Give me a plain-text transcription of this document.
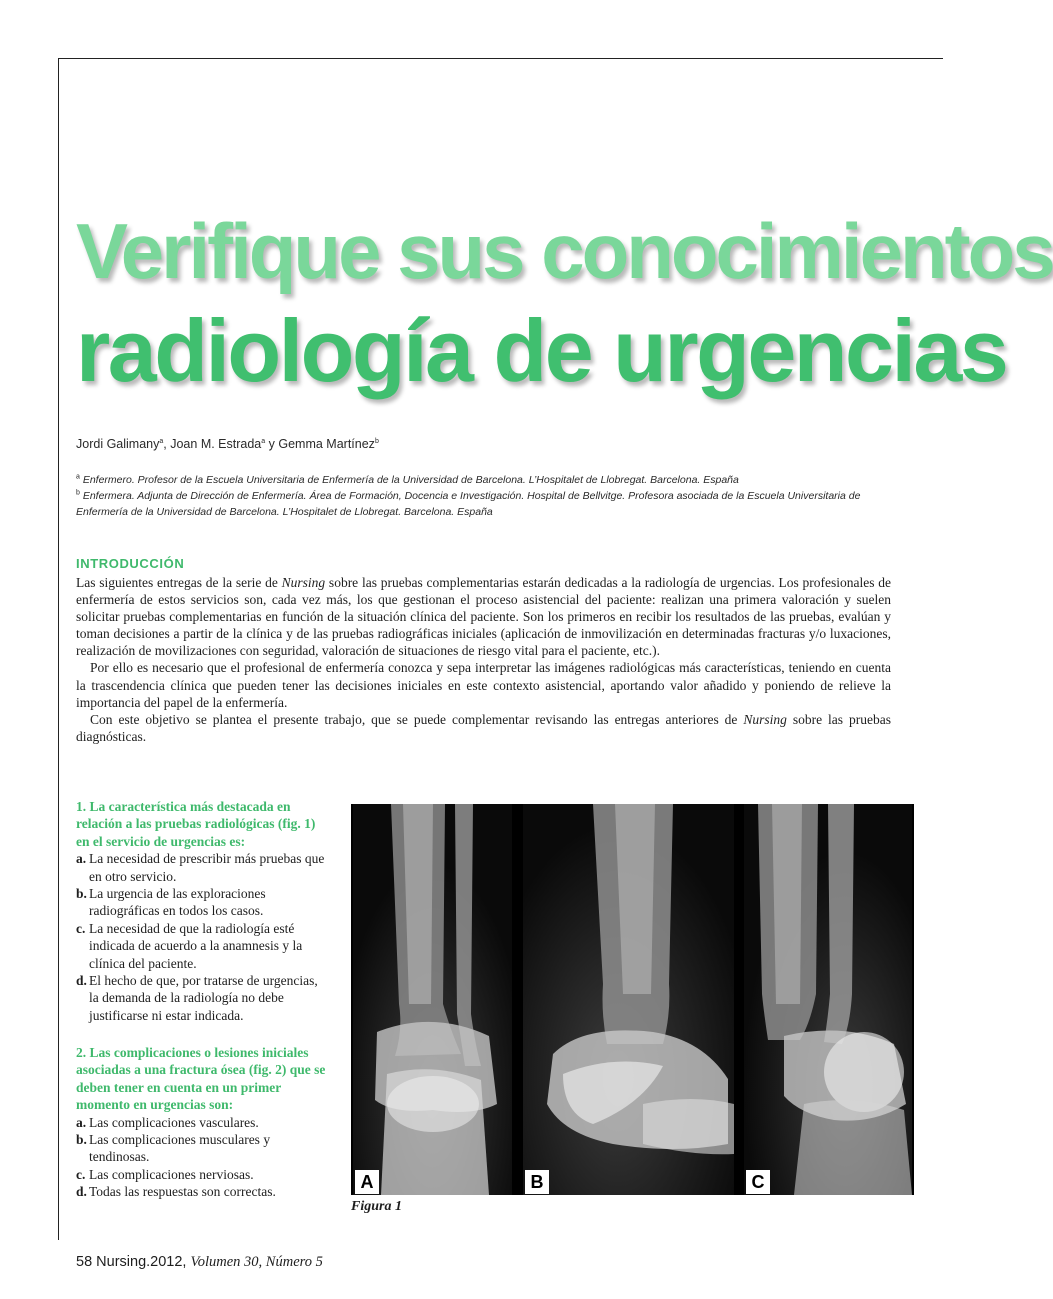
Verifique sus conocimientos
radiología de urgencias
Jordi Galimany$^a$, Joan M. Estrada$^a$ y Gemma Martínez$^b$
$^a$ Enfermero. Profesor de la Escuela Universitaria de Enfermería de la Universidad de Barcelona. L’Hospitalet de Llobregat. Barcelona. España
$^b$ Enfermera. Adjunta de Dirección de Enfermería. Área de Formación, Docencia e Investigación. Hospital de Bellvitge. Profesora asociada de la Escuela Universitaria de Enfermería de la Universidad de Barcelona. L’Hospitalet de Llobregat. Barcelona. España
INTRODUCCIÓN

Las siguientes entregas de la serie de Nursing sobre las pruebas complementarias estarán dedicadas a la radiología de urgencias. Los profesionales de enfermería de estos servicios son, cada vez más, los que gestionan el proceso asistencial del paciente: realizan una primera valoración y suelen solicitar pruebas complementarias en función de la situación clínica del paciente. Son los primeros en recibir los resultados de las pruebas, evalúan y toman decisiones a partir de la clínica y de las pruebas radiográficas iniciales (aplicación de inmovilización en determinadas fracturas y/o luxaciones, realización de movilizaciones con seguridad, valoración de situaciones de riesgo vital para el paciente, etc.).

Por ello es necesario que el profesional de enfermería conozca y sepa interpretar las imágenes radiológicas más características, teniendo en cuenta la trascendencia clínica que pueden tener las decisiones iniciales en este contexto asistencial, aportando valor añadido y poniendo de relieve la importancia del papel de la enfermería.

Con este objetivo se plantea el presente trabajo, que se puede complementar revisando las entregas anteriores de Nursing sobre las pruebas diagnósticas.

1. La característica más destacada en relación a las pruebas radiológicas (fig. 1) en el servicio de urgencias es:
a. La necesidad de prescribir más pruebas que en otro servicio.
b. La urgencia de las exploraciones radiográficas en todos los casos.
c. La necesidad de que la radiología esté indicada de acuerdo a la anamnesis y la clínica del paciente.
d. El hecho de que, por tratarse de urgencias, la demanda de la radiología no debe justificarse ni estar indicada.
2. Las complicaciones o lesiones iniciales asociadas a una fractura ósea (fig. 2) que se deben tener en cuenta en un primer momento en urgencias son:
a. Las complicaciones vasculares.
b. Las complicaciones musculares y tendinosas.
c. Las complicaciones nerviosas.
d. Todas las respuestas son correctas.	A	B	C
Figura 1
58 Nursing.2012, Volumen 30, Número 5
